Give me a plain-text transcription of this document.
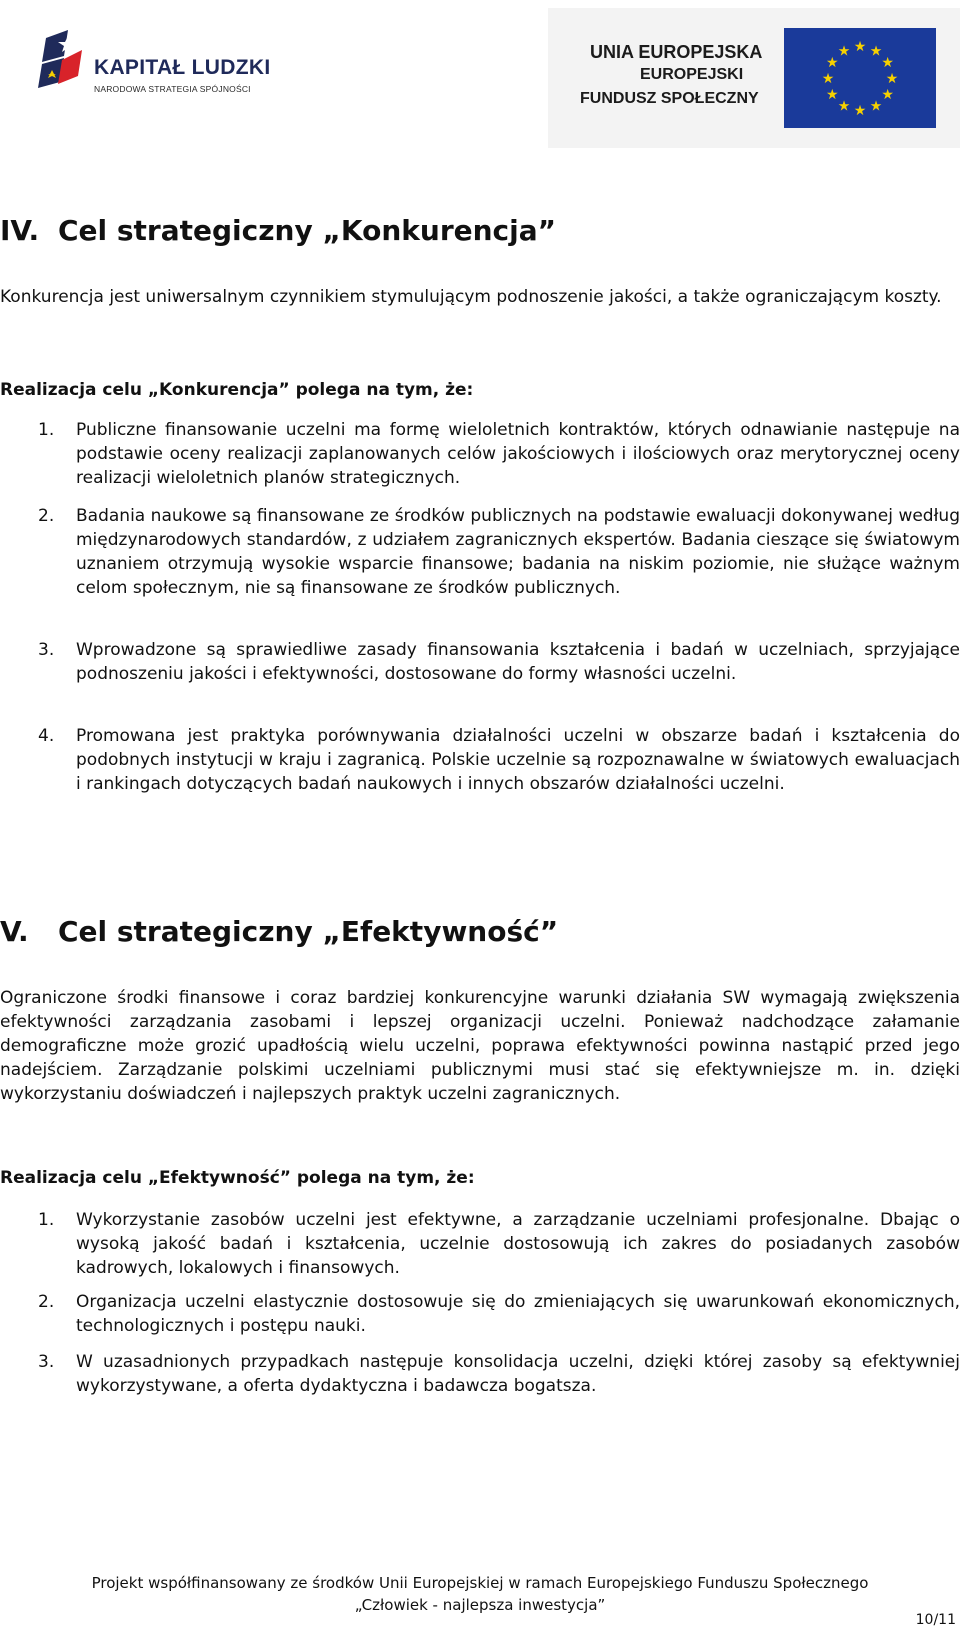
KAPITAŁ LUDZKI
NARODOWA STRATEGIA SPÓJNOŚCI
UNIA EUROPEJSKA
EUROPEJSKI
FUNDUSZ SPOŁECZNY
★
★
★
★
★
★
★
★
★ ★ ★
★
IV. Cel strategiczny „Konkurencja”

Konkurencja jest uniwersalnym czynnikiem stymulującym podnoszenie jakości, a także ograniczającym koszty.

Realizacja celu „Konkurencja” polega na tym, że:
1. Publiczne finansowanie uczelni ma formę wieloletnich kontraktów, których odnawianie następuje na podstawie oceny realizacji zaplanowanych celów jakościowych i ilościowych oraz merytorycznej oceny realizacji wieloletnich planów strategicznych.
2. Badania naukowe są finansowane ze środków publicznych na podstawie ewaluacji dokonywanej według międzynarodowych standardów, z udziałem zagranicznych ekspertów. Badania cieszące się światowym uznaniem otrzymują wysokie wsparcie finansowe; badania na niskim poziomie, nie służące ważnym celom społecznym, nie są finansowane ze środków publicznych.
3. Wprowadzone są sprawiedliwe zasady finansowania kształcenia i badań w uczelniach, sprzyjające podnoszeniu jakości i efektywności, dostosowane do formy własności uczelni.
4. Promowana jest praktyka porównywania działalności uczelni w obszarze badań i kształcenia do podobnych instytucji w kraju i zagranicą. Polskie uczelnie są rozpoznawalne w światowych ewaluacjach i rankingach dotyczących badań naukowych i innych obszarów działalności uczelni.
V. Cel strategiczny „Efektywność”

Ograniczone środki finansowe i coraz bardziej konkurencyjne warunki działania SW wymagają zwiększenia efektywności zarządzania zasobami i lepszej organizacji uczelni. Ponieważ nadchodzące załamanie demograficzne może grozić upadłością wielu uczelni, poprawa efektywności powinna nastąpić przed jego nadejściem. Zarządzanie polskimi uczelniami publicznymi musi stać się efektywniejsze m. in. dzięki wykorzystaniu doświadczeń i najlepszych praktyk uczelni zagranicznych.

Realizacja celu „Efektywność” polega na tym, że:
1. Wykorzystanie zasobów uczelni jest efektywne, a zarządzanie uczelniami profesjonalne. Dbając o wysoką jakość badań i kształcenia, uczelnie dostosowują ich zakres do posiadanych zasobów kadrowych, lokalowych i finansowych.
2. Organizacja uczelni elastycznie dostosowuje się do zmieniających się uwarunkowań ekonomicznych, technologicznych i postępu nauki.
3. W uzasadnionych przypadkach następuje konsolidacja uczelni, dzięki której zasoby są efektywniej wykorzystywane, a oferta dydaktyczna i badawcza bogatsza.
Projekt współfinansowany ze środków Unii Europejskiej w ramach Europejskiego Funduszu Społecznego
„Człowiek - najlepsza inwestycja”
10/11
